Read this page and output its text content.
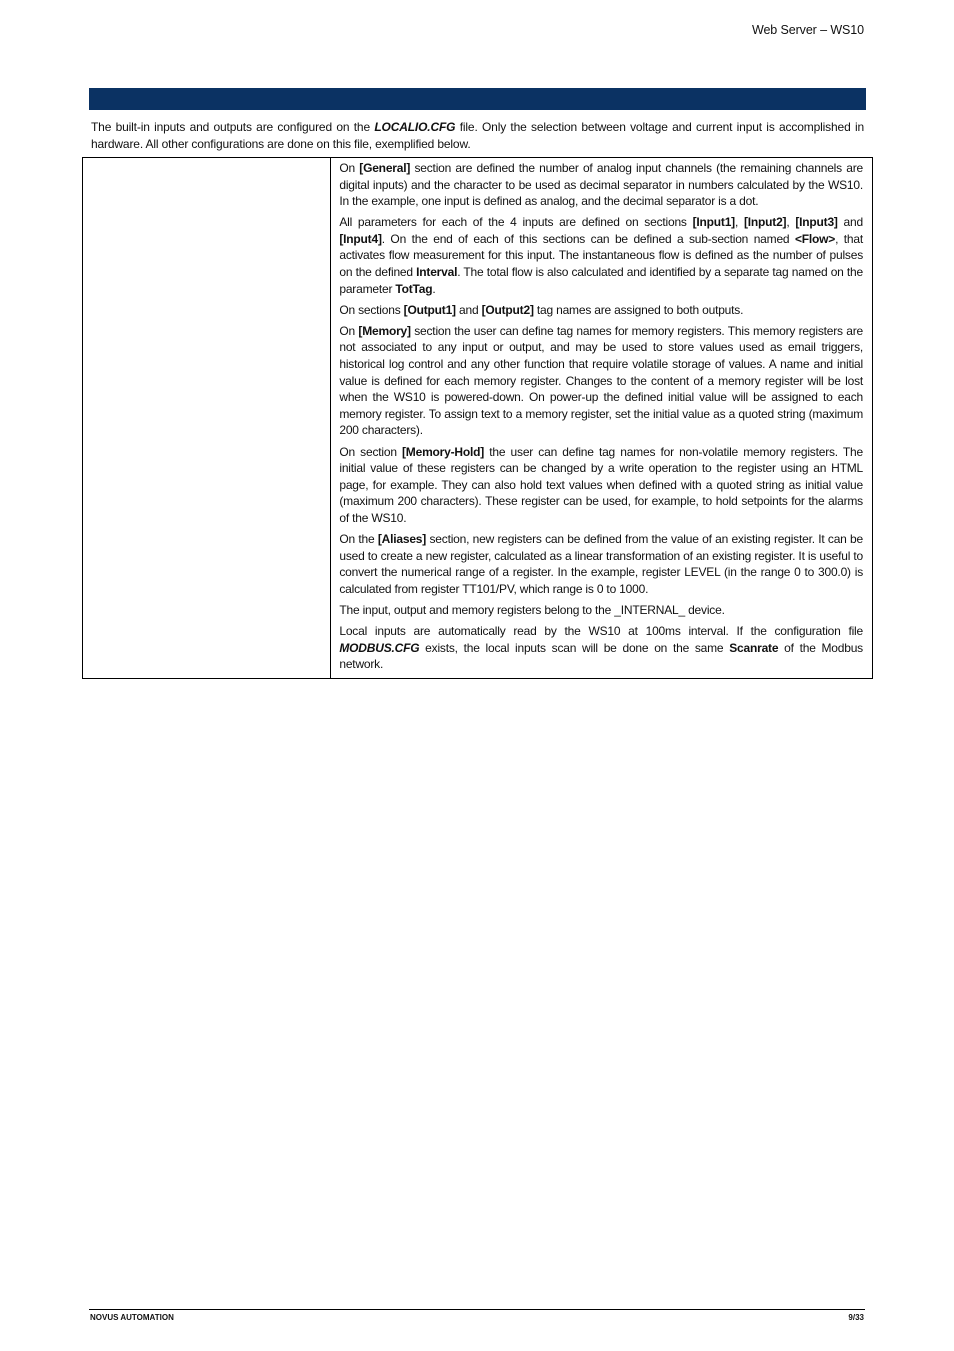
Web Server – WS10
The built-in inputs and outputs are configured on the LOCALIO.CFG file. Only the selection between voltage and current input is accomplished in hardware. All other configurations are done on this file, exemplified below.

On [General] section are defined the number of analog input channels (the remaining channels are digital inputs) and the character to be used as decimal separator in numbers calculated by the WS10. In the example, one input is defined as analog, and the decimal separator is a dot.

All parameters for each of the 4 inputs are defined on sections [Input1], [Input2], [Input3] and [Input4]. On the end of each of this sections can be defined a sub-section named <Flow>, that activates flow measurement for this input. The instantaneous flow is defined as the number of pulses on the defined Interval. The total flow is also calculated and identified by a separate tag named on the parameter TotTag.

On sections [Output1] and [Output2] tag names are assigned to both outputs.

On [Memory] section the user can define tag names for memory registers. This memory registers are not associated to any input or output, and may be used to store values used as email triggers, historical log control and any other function that require volatile storage of values. A name and initial value is defined for each memory register. Changes to the content of a memory register will be lost when the WS10 is powered-down. On power-up the defined initial value will be assigned to each memory register. To assign text to a memory register, set the initial value as a quoted string (maximum 200 characters).

On section [Memory-Hold] the user can define tag names for non-volatile memory registers. The initial value of these registers can be changed by a write operation to the register using an HTML page, for example. They can also hold text values when defined with a quoted string as initial value (maximum 200 characters). These register can be used, for example, to hold setpoints for the alarms of the WS10.

On the [Aliases] section, new registers can be defined from the value of an existing register. It can be used to create a new register, calculated as a linear transformation of an existing register. It is useful to convert the numerical range of a register. In the example, register LEVEL (in the range 0 to 300.0) is calculated from register TT101/PV, which range is 0 to 1000.

The input, output and memory registers belong to the _INTERNAL_ device.

Local inputs are automatically read by the WS10 at 100ms interval. If the configuration file MODBUS.CFG exists, the local inputs scan will be done on the same Scanrate of the Modbus network.

NOVUS AUTOMATION	9/33
